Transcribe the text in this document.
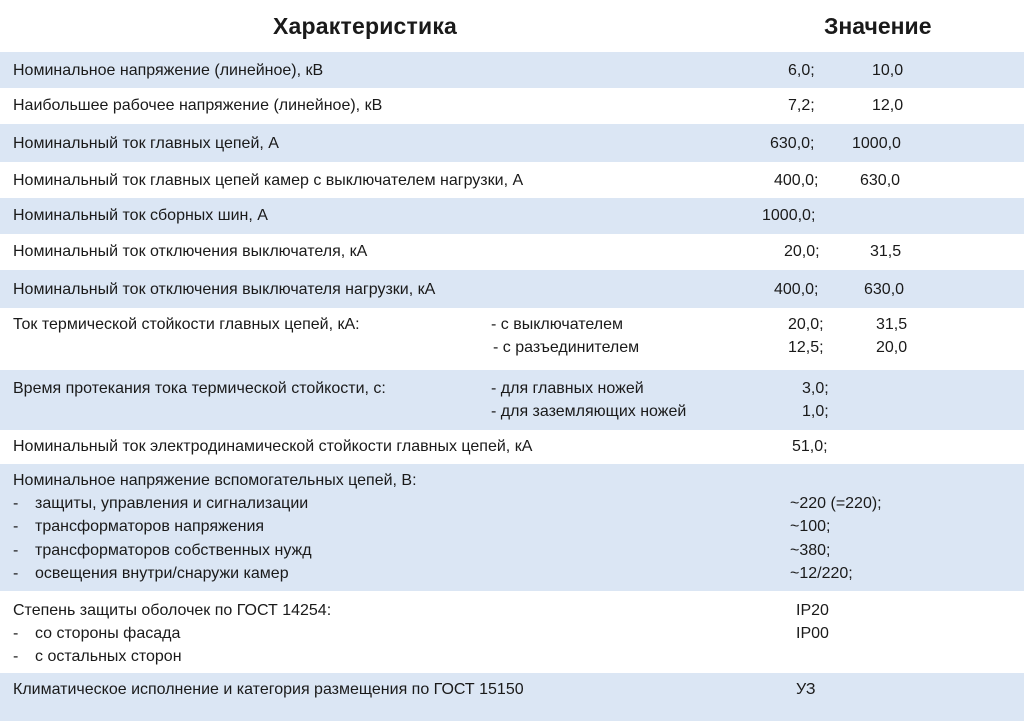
Характеристика	Значение
Номинальное напряжение (линейное), кВ	6,0;	10,0
Наибольшее рабочее напряжение (линейное), кВ	7,2;	12,0
Номинальный ток главных цепей, А	630,0; 1000,0
Номинальный ток главных цепей камер с выключателем нагрузки, А	400,0;	630,0
Номинальный ток сборных шин, А	1000,0;
Номинальный ток отключения выключателя, кА	20,0;	31,5
Номинальный ток отключения выключателя нагрузки, кА	400,0;	630,0
Ток термической стойкости главных цепей, кА:	- с выключателем	20,0;	31,5
- с разъединителем	12,5;	20,0
Время протекания тока термической стойкости, с:	- для главных ножей	3,0;
- для заземляющих ножей	1,0;
Номинальный ток электродинамической стойкости главных цепей, кА	51,0;
Номинальное напряжение вспомогательных цепей, В:
- защиты, управления и сигнализации	~220 (=220);
- трансформаторов напряжения	~100;
- трансформаторов собственных нужд	~380;
- освещения внутри/снаружи камер	~12/220;
Степень защиты оболочек по ГОСТ 14254:	IP20
- со стороны фасада	IP00
- с остальных сторон
Климатическое исполнение и категория размещения по ГОСТ 15150	УЗ
